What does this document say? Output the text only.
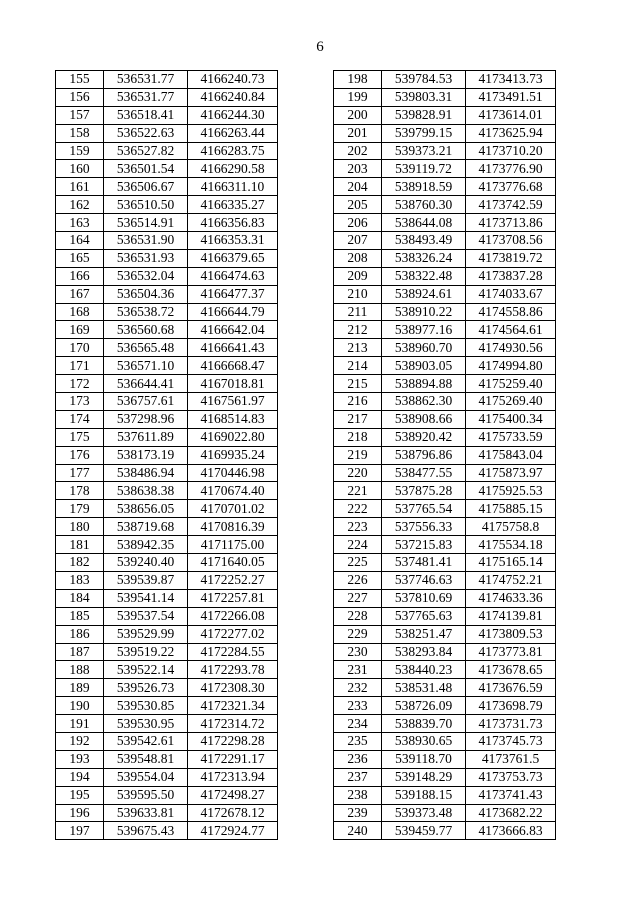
6
155	536531.77	4166240.73
156	536531.77	4166240.84
157	536518.41	4166244.30
158	536522.63	4166263.44
159	536527.82	4166283.75
160	536501.54	4166290.58
161	536506.67	4166311.10
162	536510.50	4166335.27
163	536514.91	4166356.83
164	536531.90	4166353.31
165	536531.93	4166379.65
166	536532.04	4166474.63
167	536504.36	4166477.37
168	536538.72	4166644.79
169	536560.68	4166642.04
170	536565.48	4166641.43
171	536571.10	4166668.47
172	536644.41	4167018.81
173	536757.61	4167561.97
174	537298.96	4168514.83
175	537611.89	4169022.80
176	538173.19	4169935.24
177	538486.94	4170446.98
178	538638.38	4170674.40
179	538656.05	4170701.02
180	538719.68	4170816.39
181	538942.35	4171175.00
182	539240.40	4171640.05
183	539539.87	4172252.27
184	539541.14	4172257.81
185	539537.54	4172266.08
186	539529.99	4172277.02
187	539519.22	4172284.55
188	539522.14	4172293.78
189	539526.73	4172308.30
190	539530.85	4172321.34
191	539530.95	4172314.72
192	539542.61	4172298.28
193	539548.81	4172291.17
194	539554.04	4172313.94
195	539595.50	4172498.27
196	539633.81	4172678.12
197	539675.43	4172924.77
198	539784.53	4173413.73
199	539803.31	4173491.51
200	539828.91	4173614.01
201	539799.15	4173625.94
202	539373.21	4173710.20
203	539119.72	4173776.90
204	538918.59	4173776.68
205	538760.30	4173742.59
206	538644.08	4173713.86
207	538493.49	4173708.56
208	538326.24	4173819.72
209	538322.48	4173837.28
210	538924.61	4174033.67
211	538910.22	4174558.86
212	538977.16	4174564.61
213	538960.70	4174930.56
214	538903.05	4174994.80
215	538894.88	4175259.40
216	538862.30	4175269.40
217	538908.66	4175400.34
218	538920.42	4175733.59
219	538796.86	4175843.04
220	538477.55	4175873.97
221	537875.28	4175925.53
222	537765.54	4175885.15
223	537556.33	4175758.8
224	537215.83	4175534.18
225	537481.41	4175165.14
226	537746.63	4174752.21
227	537810.69	4174633.36
228	537765.63	4174139.81
229	538251.47	4173809.53
230	538293.84	4173773.81
231	538440.23	4173678.65
232	538531.48	4173676.59
233	538726.09	4173698.79
234	538839.70	4173731.73
235	538930.65	4173745.73
236	539118.70	4173761.5
237	539148.29	4173753.73
238	539188.15	4173741.43
239	539373.48	4173682.22
240	539459.77	4173666.83
